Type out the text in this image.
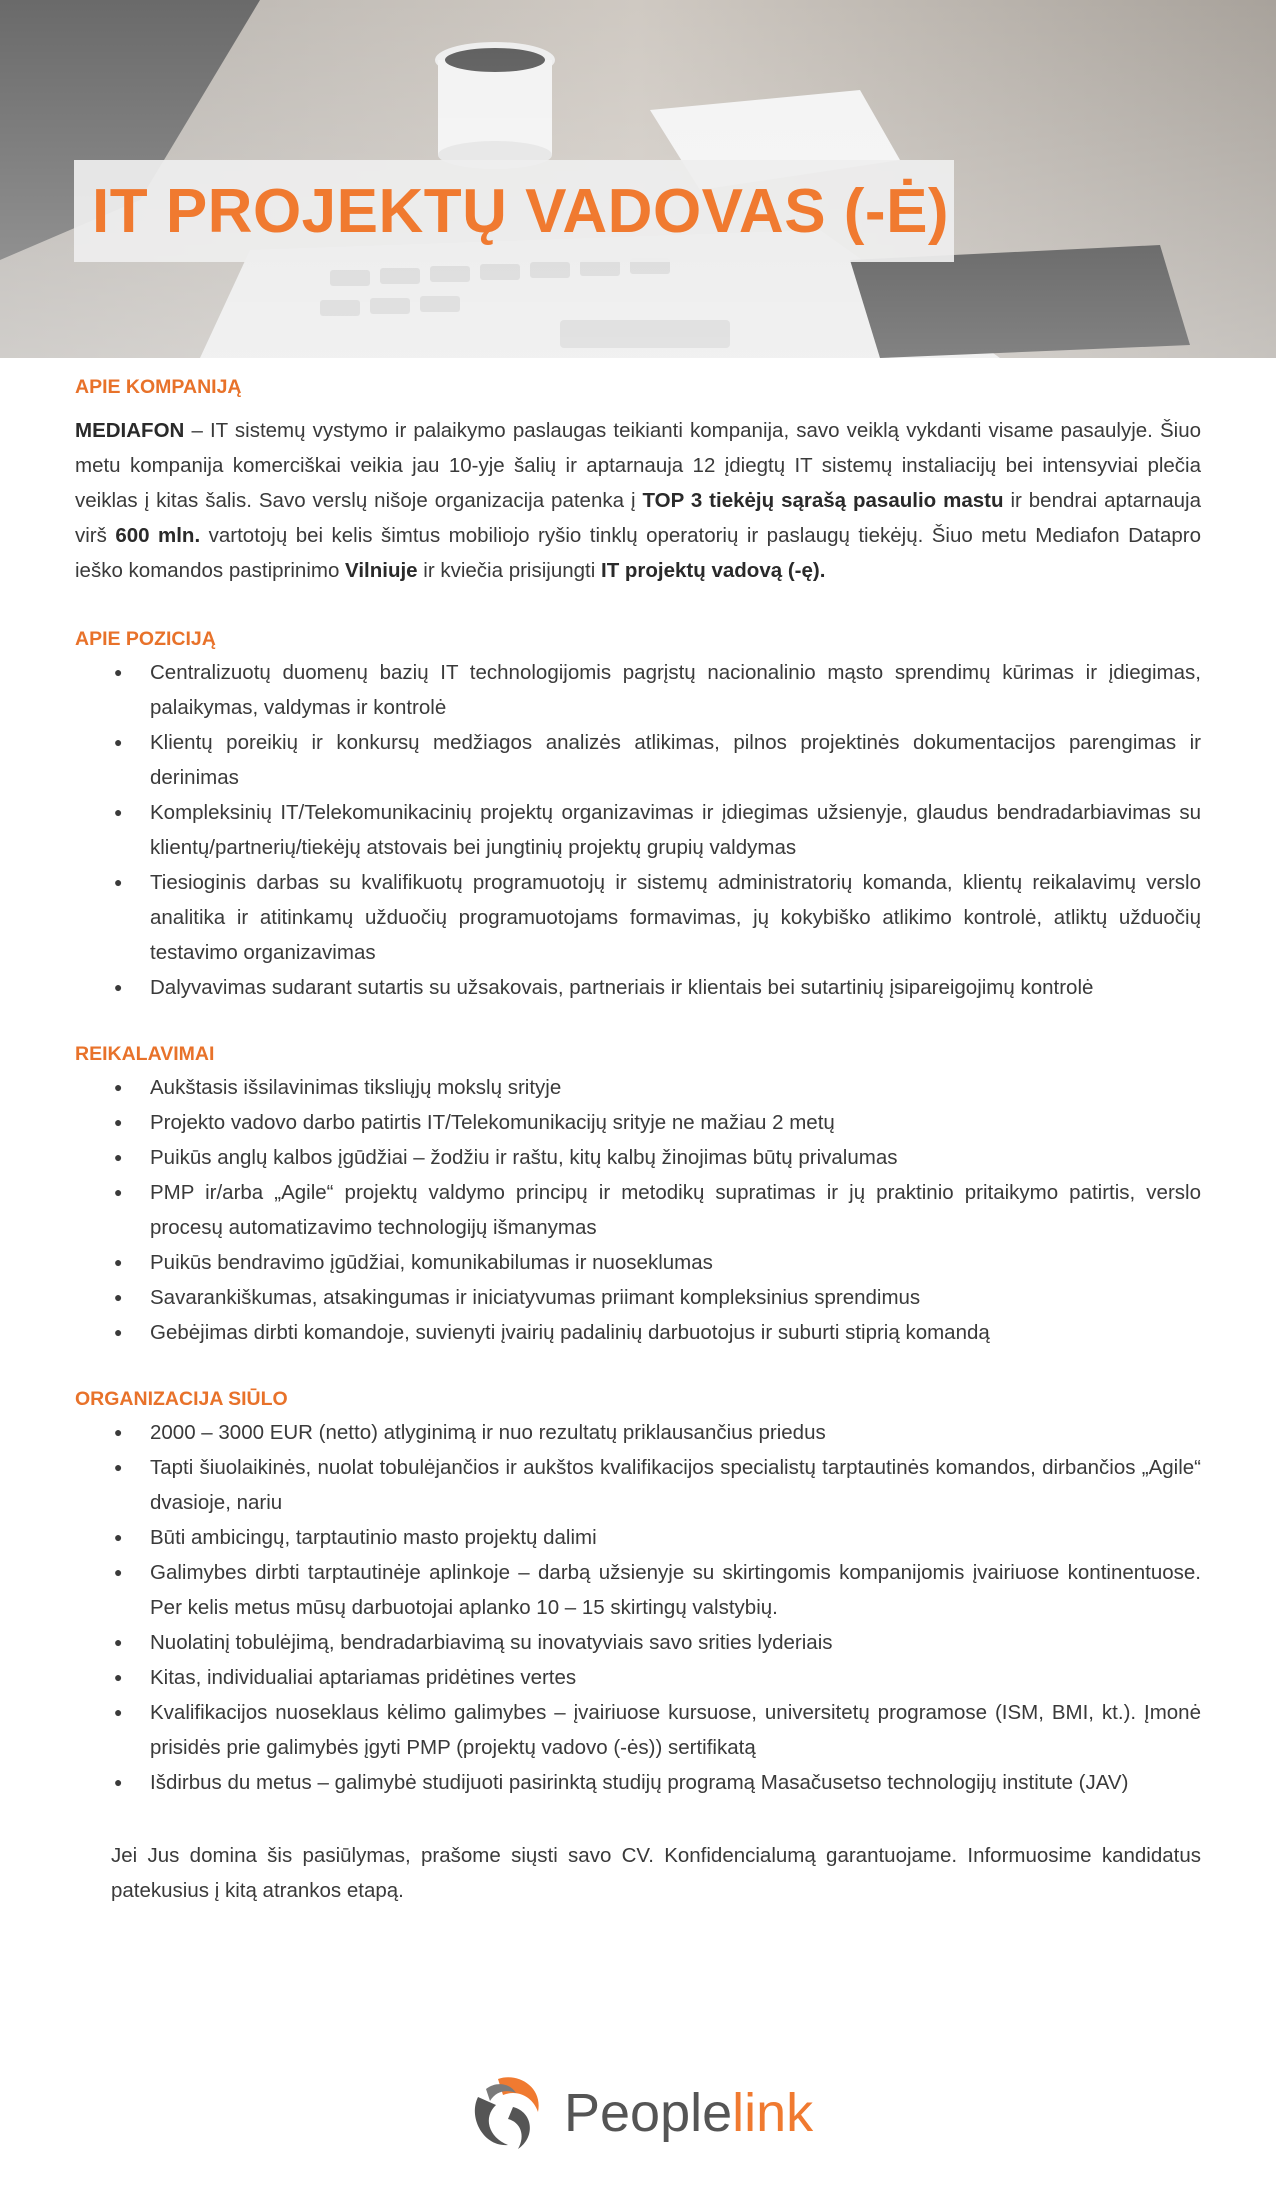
IT PROJEKTŲ VADOVAS (-Ė)
APIE KOMPANIJĄ

MEDIAFON – IT sistemų vystymo ir palaikymo paslaugas teikianti kompanija, savo veiklą vykdanti visame pasaulyje. Šiuo metu kompanija komerciškai veikia jau 10-yje šalių ir aptarnauja 12 įdiegtų IT sistemų instaliacijų bei intensyviai plečia veiklas į kitas šalis. Savo verslų nišoje organizacija patenka į TOP 3 tiekėjų sąrašą pasaulio mastu ir bendrai aptarnauja virš 600 mln. vartotojų bei kelis šimtus mobiliojo ryšio tinklų operatorių ir paslaugų tiekėjų. Šiuo metu Mediafon Datapro ieško komandos pastiprinimo Vilniuje ir kviečia prisijungti IT projektų vadovą (-ę).

APIE POZICIJĄ
● Centralizuotų duomenų bazių IT technologijomis pagrįstų nacionalinio mąsto sprendimų kūrimas ir įdiegimas, palaikymas, valdymas ir kontrolė
● Klientų poreikių ir konkursų medžiagos analizės atlikimas, pilnos projektinės dokumentacijos parengimas ir derinimas
● Kompleksinių IT/Telekomunikacinių projektų organizavimas ir įdiegimas užsienyje, glaudus bendradarbiavimas su klientų/partnerių/tiekėjų atstovais bei jungtinių projektų grupių valdymas
● Tiesioginis darbas su kvalifikuotų programuotojų ir sistemų administratorių komanda, klientų reikalavimų verslo analitika ir atitinkamų užduočių programuotojams formavimas, jų kokybiško atlikimo kontrolė, atliktų užduočių testavimo organizavimas
● Dalyvavimas sudarant sutartis su užsakovais, partneriais ir klientais bei sutartinių įsipareigojimų kontrolė
REIKALAVIMAI
● Aukštasis išsilavinimas tiksliųjų mokslų srityje
● Projekto vadovo darbo patirtis IT/Telekomunikacijų srityje ne mažiau 2 metų
● Puikūs anglų kalbos įgūdžiai – žodžiu ir raštu, kitų kalbų žinojimas būtų privalumas
● PMP ir/arba „Agile“ projektų valdymo principų ir metodikų supratimas ir jų praktinio pritaikymo patirtis, verslo procesų automatizavimo technologijų išmanymas
● Puikūs bendravimo įgūdžiai, komunikabilumas ir nuoseklumas
● Savarankiškumas, atsakingumas ir iniciatyvumas priimant kompleksinius sprendimus
● Gebėjimas dirbti komandoje, suvienyti įvairių padalinių darbuotojus ir suburti stiprią komandą
ORGANIZACIJA SIŪLO
● 2000 – 3000 EUR (netto) atlyginimą ir nuo rezultatų priklausančius priedus
● Tapti šiuolaikinės, nuolat tobulėjančios ir aukštos kvalifikacijos specialistų tarptautinės komandos, dirbančios „Agile“ dvasioje, nariu
● Būti ambicingų, tarptautinio masto projektų dalimi
● Galimybes dirbti tarptautinėje aplinkoje – darbą užsienyje su skirtingomis kompanijomis įvairiuose kontinentuose. Per kelis metus mūsų darbuotojai aplanko 10 – 15 skirtingų valstybių.
● Nuolatinį tobulėjimą, bendradarbiavimą su inovatyviais savo srities lyderiais
● Kitas, individualiai aptariamas pridėtines vertes
● Kvalifikacijos nuoseklaus kėlimo galimybes – įvairiuose kursuose, universitetų programose (ISM, BMI, kt.). Įmonė prisidės prie galimybės įgyti PMP (projektų vadovo (-ės)) sertifikatą
● Išdirbus du metus – galimybė studijuoti pasirinktą studijų programą Masačusetso technologijų institute (JAV)

Jei Jus domina šis pasiūlymas, prašome siųsti savo CV. Konfidencialumą garantuojame. Informuosime kandidatus patekusius į kitą atrankos etapą.

Peoplelink
